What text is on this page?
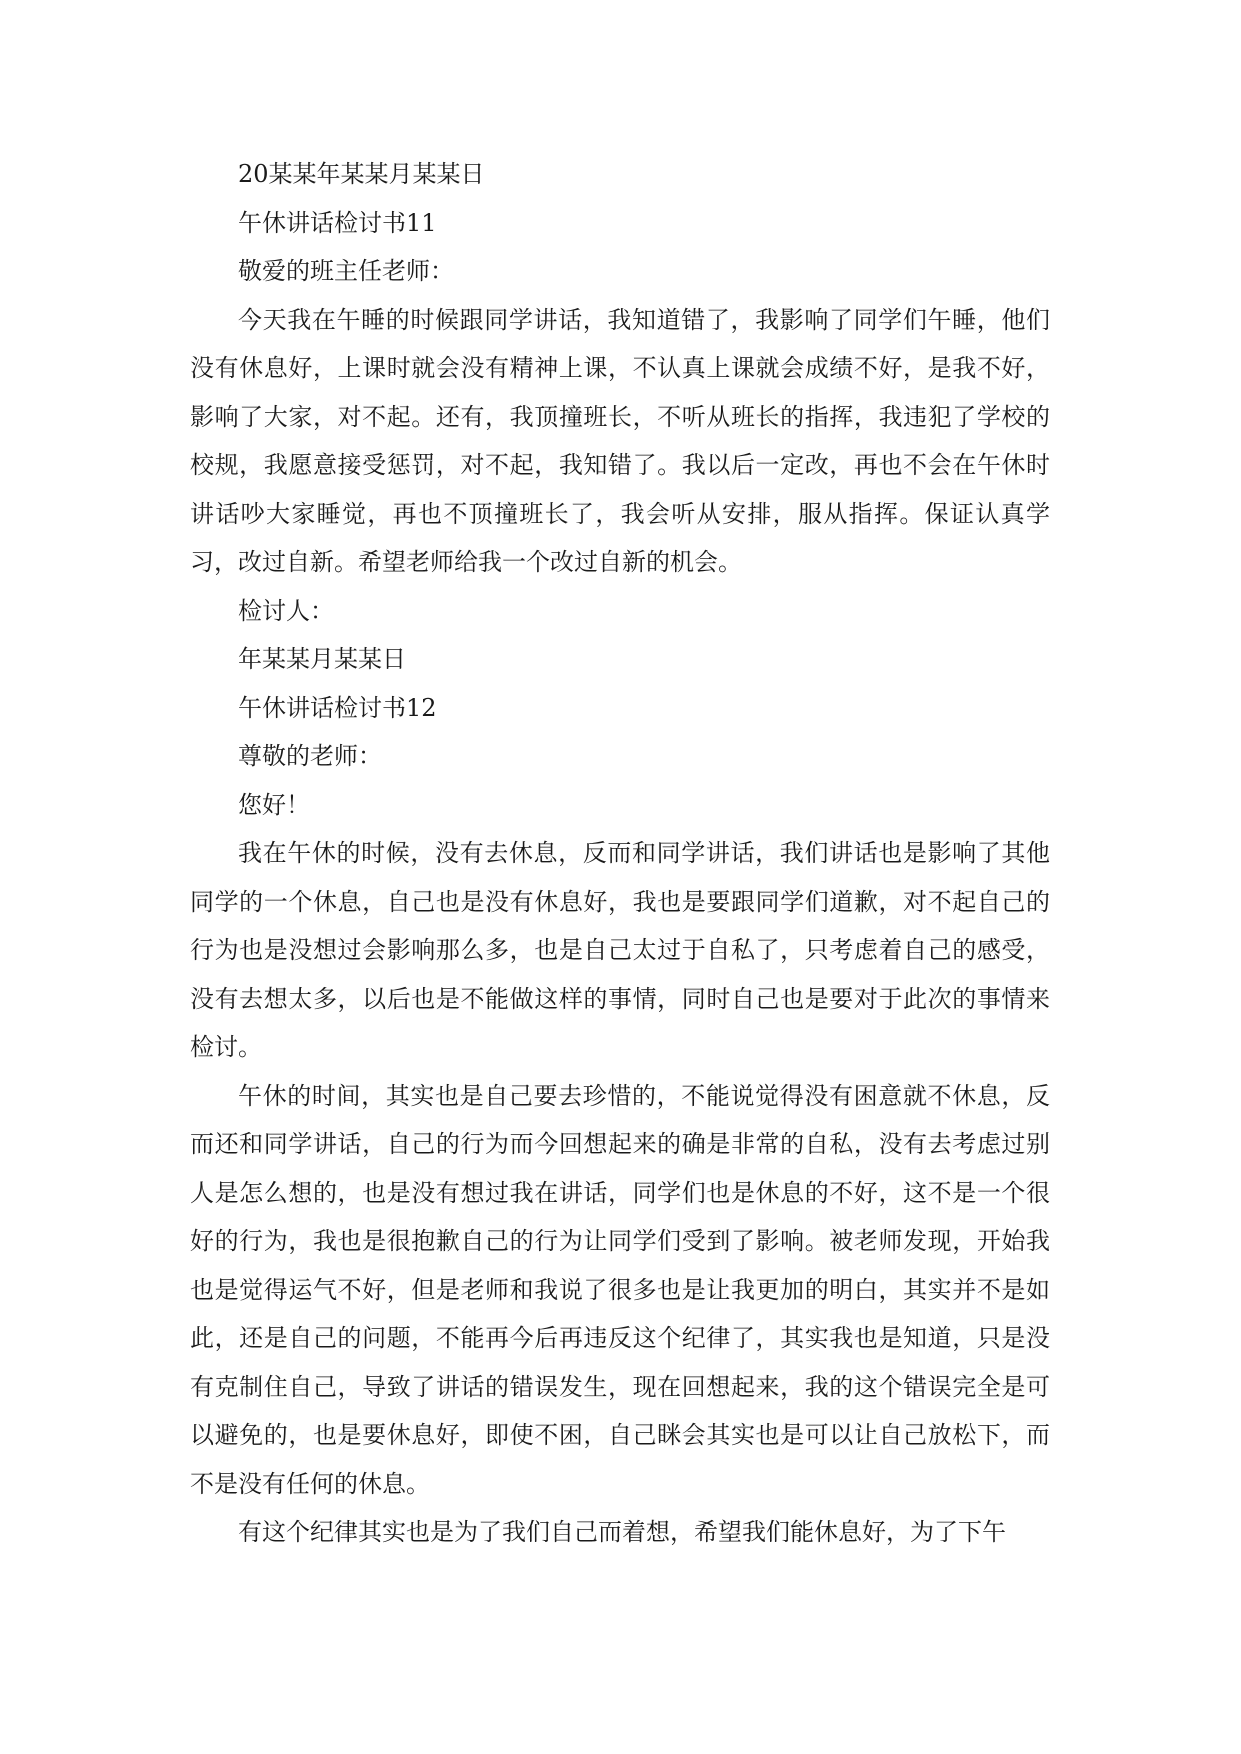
20某某年某某月某某日

午休讲话检讨书11

敬爱的班主任老师：

今天我在午睡的时候跟同学讲话，我知道错了，我影响了同学们午睡，他们没有休息好，上课时就会没有精神上课，不认真上课就会成绩不好，是我不好，影响了大家，对不起。还有，我顶撞班长，不听从班长的指挥，我违犯了学校的校规，我愿意接受惩罚，对不起，我知错了。我以后一定改，再也不会在午休时讲话吵大家睡觉，再也不顶撞班长了，我会听从安排，服从指挥。保证认真学习，改过自新。希望老师给我一个改过自新的机会。

检讨人：

年某某月某某日

午休讲话检讨书12

尊敬的老师：

您好！

我在午休的时候，没有去休息，反而和同学讲话，我们讲话也是影响了其他同学的一个休息，自己也是没有休息好，我也是要跟同学们道歉，对不起自己的行为也是没想过会影响那么多，也是自己太过于自私了，只考虑着自己的感受，没有去想太多，以后也是不能做这样的事情，同时自己也是要对于此次的事情来检讨。

午休的时间，其实也是自己要去珍惜的，不能说觉得没有困意就不休息，反而还和同学讲话，自己的行为而今回想起来的确是非常的自私，没有去考虑过别人是怎么想的，也是没有想过我在讲话，同学们也是休息的不好，这不是一个很好的行为，我也是很抱歉自己的行为让同学们受到了影响。被老师发现，开始我也是觉得运气不好，但是老师和我说了很多也是让我更加的明白，其实并不是如此，还是自己的问题，不能再今后再违反这个纪律了，其实我也是知道，只是没有克制住自己，导致了讲话的错误发生，现在回想起来，我的这个错误完全是可以避免的，也是要休息好，即使不困，自己眯会其实也是可以让自己放松下，而不是没有任何的休息。

有这个纪律其实也是为了我们自己而着想，希望我们能休息好，为了下午
